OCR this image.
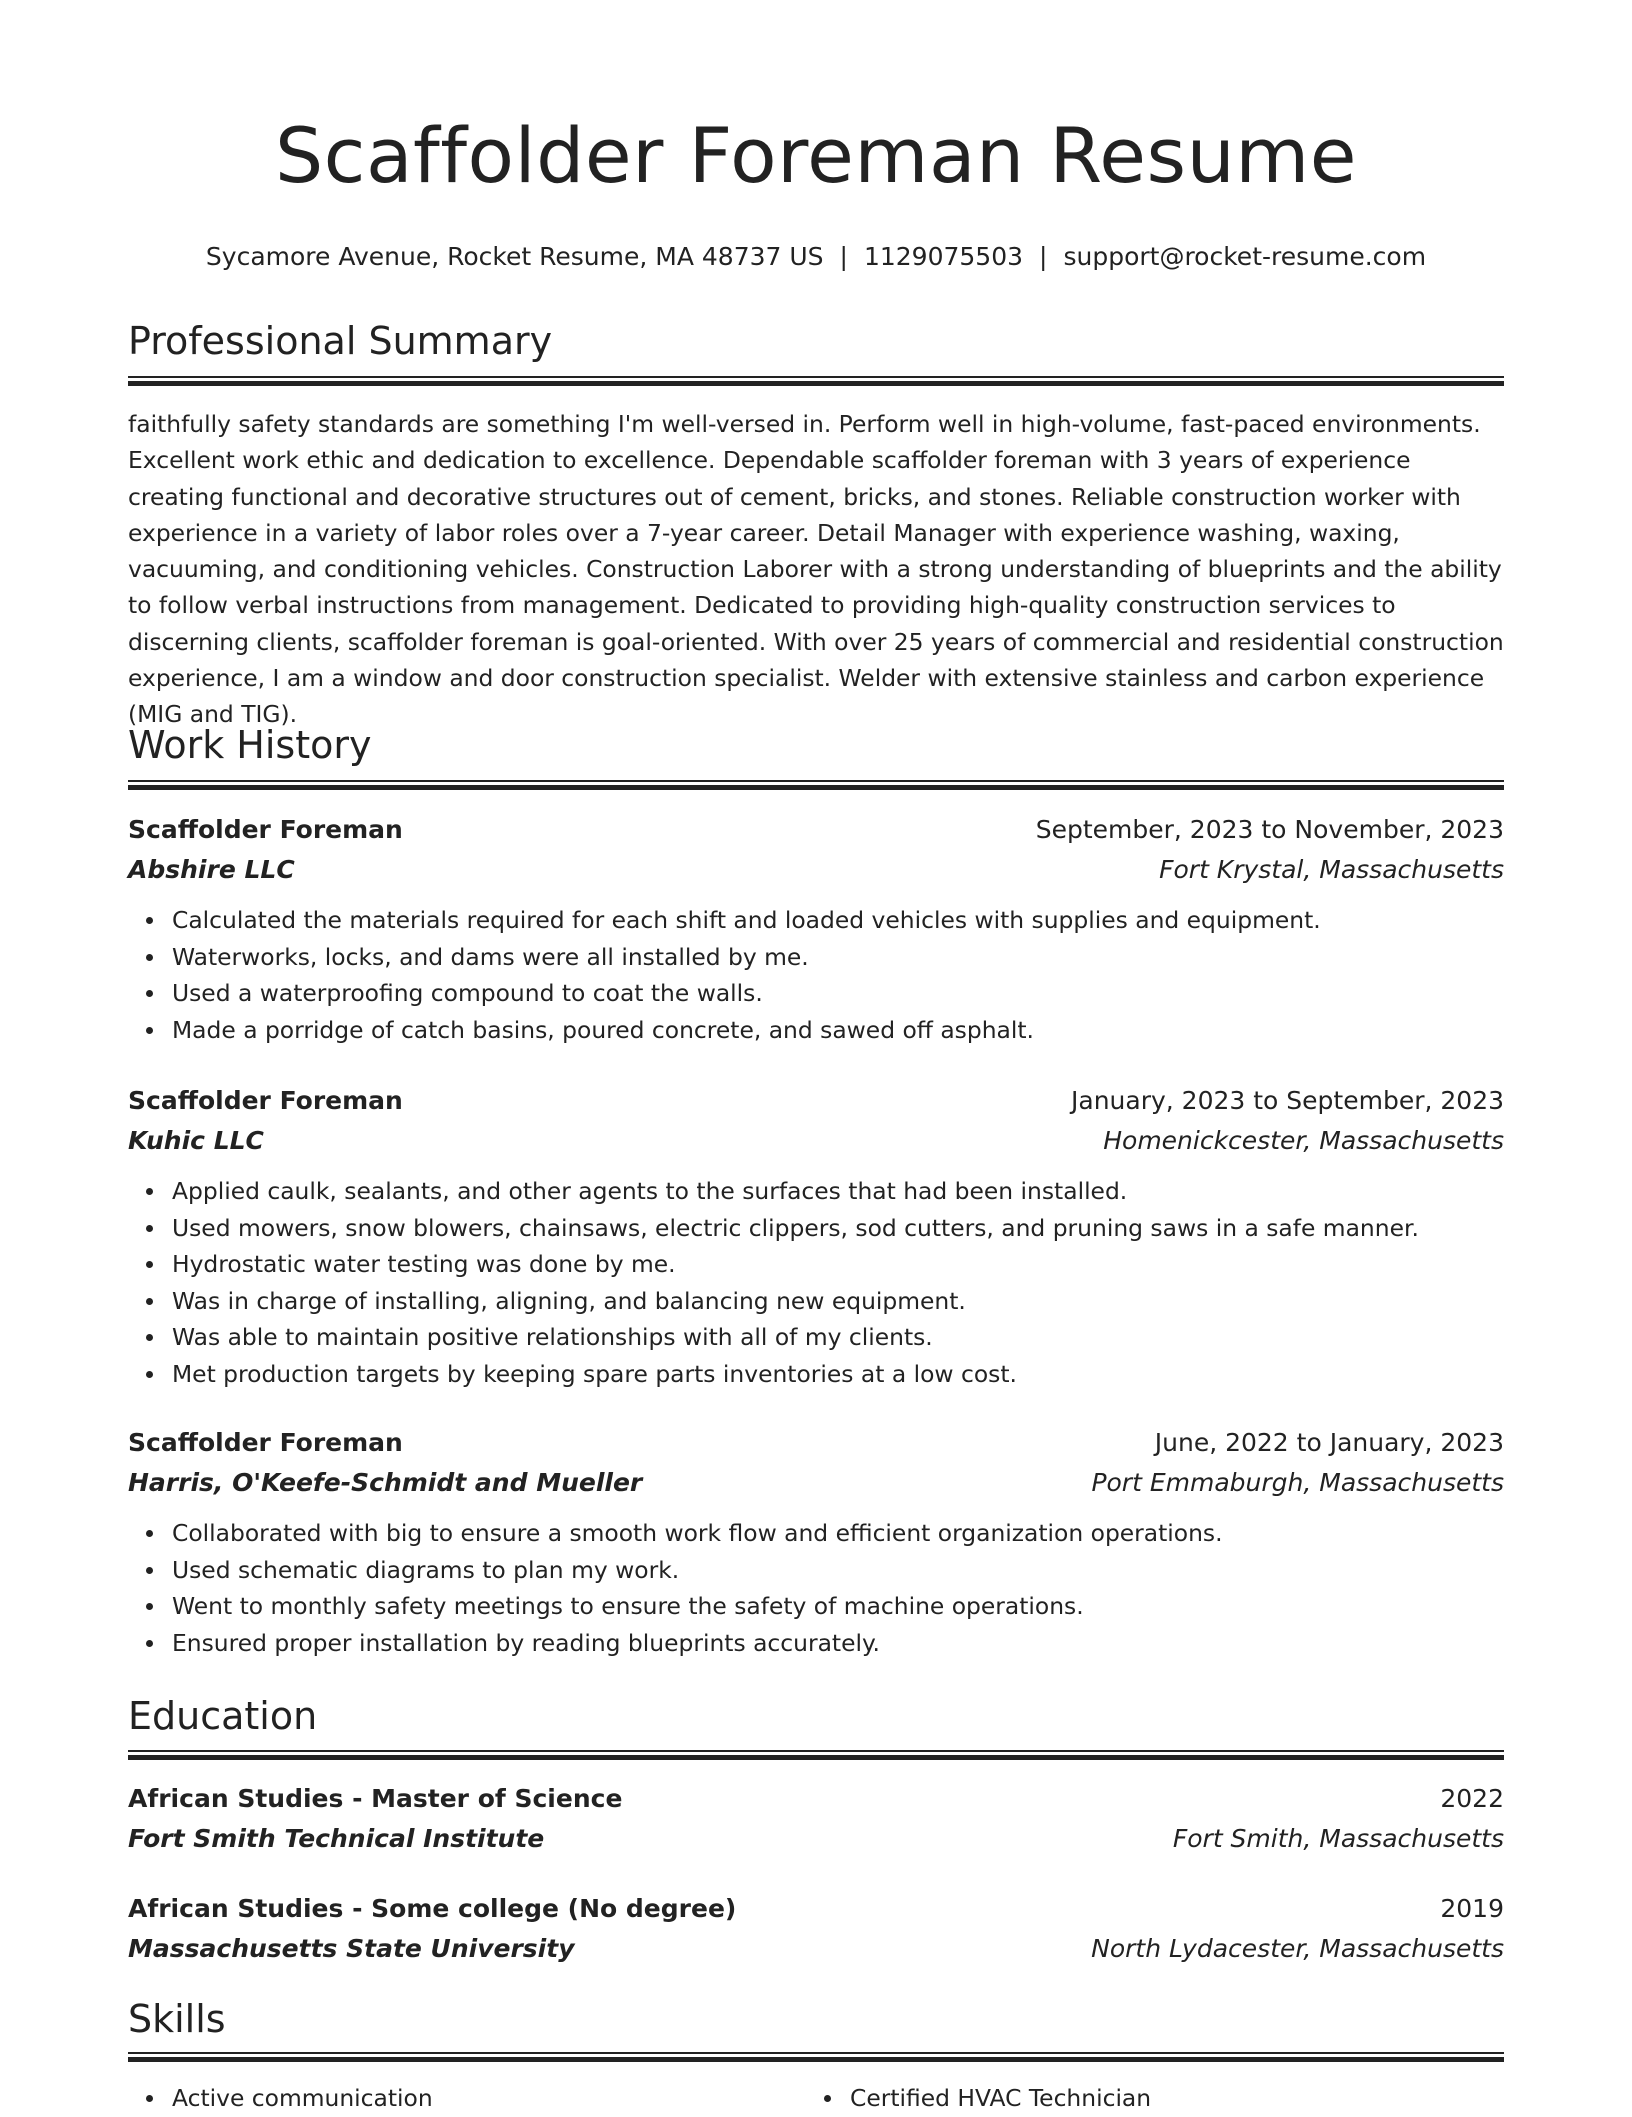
Scaffolder Foreman Resume
Sycamore Avenue, Rocket Resume, MA 48737 US | 1129075503 | support@rocket-resume.com
Professional Summary

faithfully safety standards are something I'm well-versed in. Perform well in high-volume, fast-paced environments. Excellent work ethic and dedication to excellence. Dependable scaffolder foreman with 3 years of experience creating functional and decorative structures out of cement, bricks, and stones. Reliable construction worker with experience in a variety of labor roles over a 7-year career. Detail Manager with experience washing, waxing, vacuuming, and conditioning vehicles. Construction Laborer with a strong understanding of blueprints and the ability to follow verbal instructions from management. Dedicated to providing high-quality construction services to discerning clients, scaffolder foreman is goal-oriented. With over 25 years of commercial and residential construction experience, I am a window and door construction specialist. Welder with extensive stainless and carbon experience (MIG and TIG).

Work History
Scaffolder Foreman	September, 2023 to November, 2023
Abshire LLC	Fort Krystal, Massachusetts
Calculated the materials required for each shift and loaded vehicles with supplies and equipment.
Waterworks, locks, and dams were all installed by me.
Used a waterproofing compound to coat the walls.
Made a porridge of catch basins, poured concrete, and sawed off asphalt.
Scaffolder Foreman	January, 2023 to September, 2023
Kuhic LLC	Homenickcester, Massachusetts
Applied caulk, sealants, and other agents to the surfaces that had been installed.
Used mowers, snow blowers, chainsaws, electric clippers, sod cutters, and pruning saws in a safe manner.
Hydrostatic water testing was done by me.
Was in charge of installing, aligning, and balancing new equipment.
Was able to maintain positive relationships with all of my clients.
Met production targets by keeping spare parts inventories at a low cost.
Scaffolder Foreman	June, 2022 to January, 2023
Harris, O'Keefe-Schmidt and Mueller	Port Emmaburgh, Massachusetts
Collaborated with big to ensure a smooth work flow and efficient organization operations.
Used schematic diagrams to plan my work.
Went to monthly safety meetings to ensure the safety of machine operations.
Ensured proper installation by reading blueprints accurately.
Education
African Studies - Master of Science	2022
Fort Smith Technical Institute	Fort Smith, Massachusetts
African Studies - Some college (No degree)	2019
Massachusetts State University	North Lydacester, Massachusetts
Skills
Active communication	Certified HVAC Technician
